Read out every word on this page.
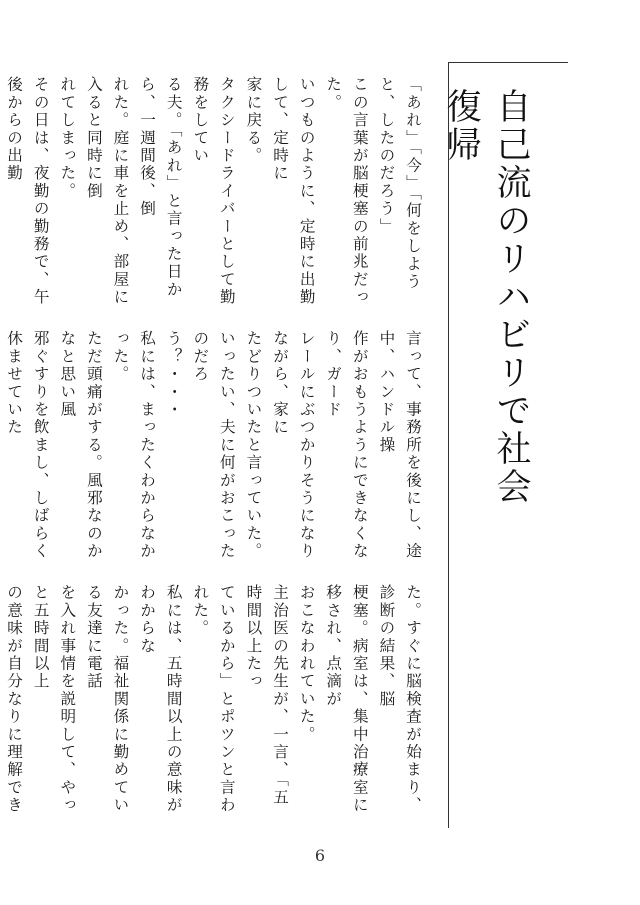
自己流のリハビリで社会復帰

「あれ」「今」「何をしようと、したのだろう」

この言葉が脳梗塞の前兆だった。

いつものように、定時に出勤して、定時に

家に戻る。

タクシードライバーとして勤務をしてい

る夫。「あれ」と言った日から、一週間後、倒

れた。庭に車を止め、部屋に入ると同時に倒

れてしまった。

その日は、夜勤の勤務で、午後からの出勤

言って、事務所を後にし、途中、ハンドル操

作がおもうようにできなくなり、ガード

レールにぶつかりそうになりながら、家に

たどりついたと言っていた。

いったい、夫に何がおこったのだろ

う？・・・

私には、まったくわからなかった。

ただ頭痛がする。風邪なのかなと思い風

邪ぐすりを飲まし、しばらく休ませていた

た。すぐに脳検査が始まり、診断の結果、脳

梗塞。病室は、集中治療室に移され、点滴が

おこなわれていた。

主治医の先生が、一言、「五時間以上たっ

ているから」とポツンと言われた。

私には、五時間以上の意味がわからな

かった。福祉関係に勤めている友達に電話

を入れ事情を説明して、やっと五時間以上

の意味が自分なりに理解でき

6
